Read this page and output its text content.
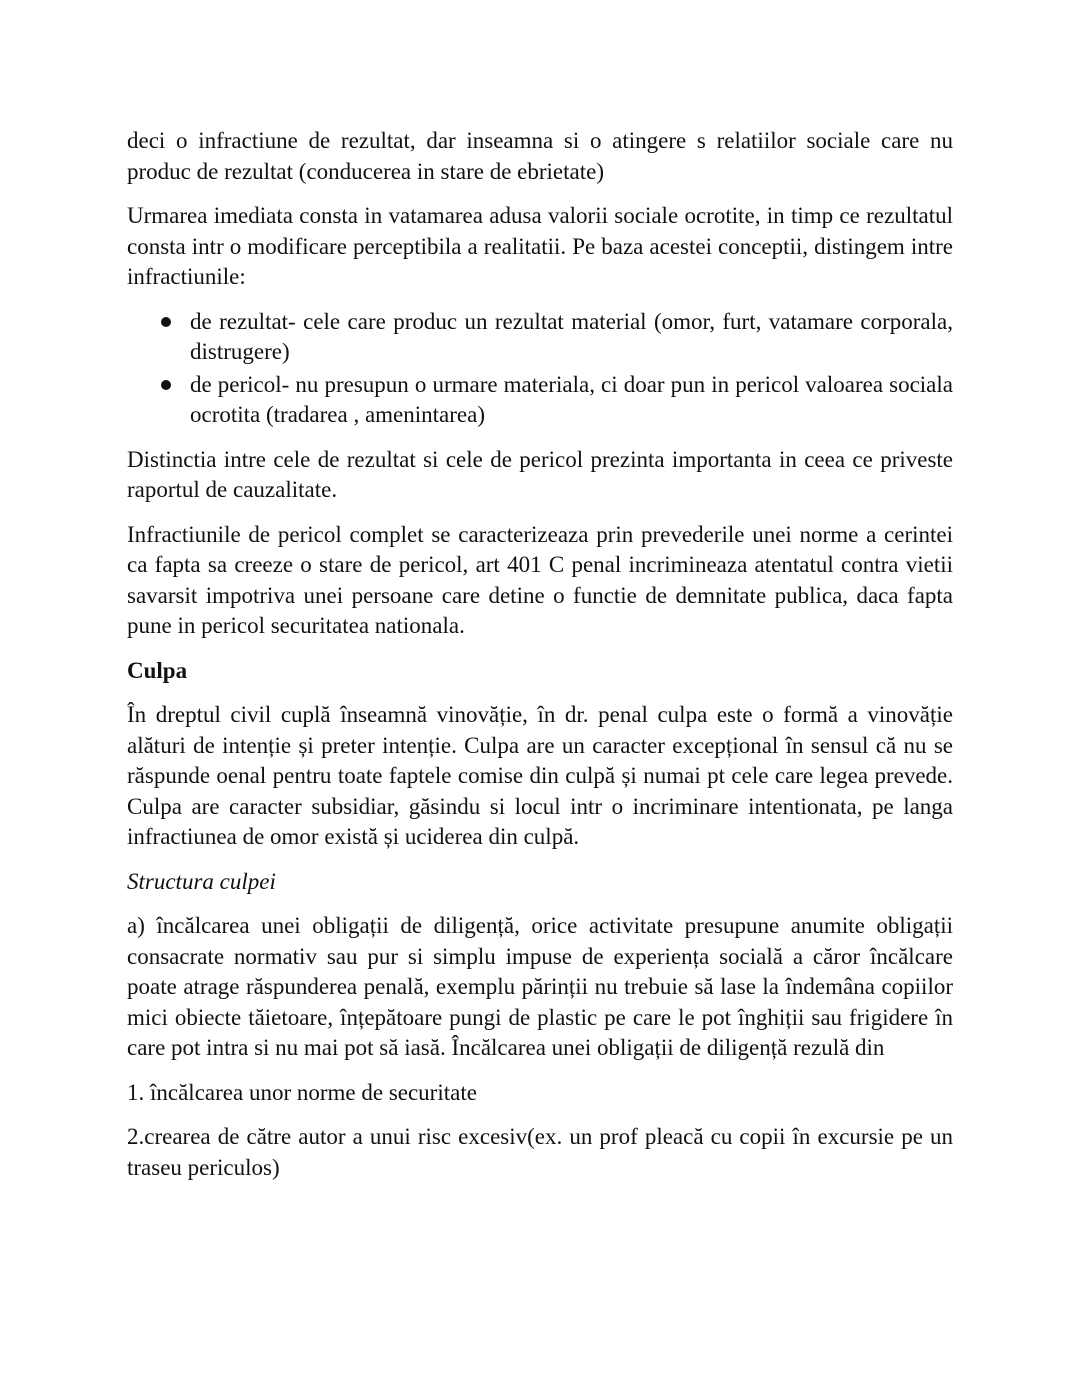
deci o infractiune de rezultat, dar inseamna si o atingere s relatiilor sociale care nu produc de rezultat (conducerea in stare de ebrietate)

Urmarea imediata consta in vatamarea adusa valorii sociale ocrotite, in timp ce rezultatul consta intr o modificare perceptibila a realitatii. Pe baza acestei conceptii, distingem intre infractiunile:

de rezultat- cele care produc un rezultat material (omor, furt, vatamare corporala, distrugere)
de pericol- nu presupun o urmare materiala, ci doar pun in pericol valoarea sociala ocrotita (tradarea , amenintarea)

Distinctia intre cele de rezultat si cele de pericol prezinta importanta in ceea ce priveste raportul de cauzalitate.

Infractiunile de pericol complet se caracterizeaza prin prevederile unei norme a cerintei ca fapta sa creeze o stare de pericol, art 401 C penal incrimineaza atentatul contra vietii savarsit impotriva unei persoane care detine o functie de demnitate publica, daca fapta pune in pericol securitatea nationala.

Culpa

În dreptul civil cuplă înseamnă vinovăție, în dr. penal culpa este o formă a vinovăție alături de intenție și preter intenție. Culpa are un caracter excepțional în sensul că nu se răspunde oenal pentru toate faptele comise din culpă și numai pt cele care legea prevede. Culpa are caracter subsidiar, găsindu si locul intr o incriminare intentionata, pe langa infractiunea de omor există și uciderea din culpă.

Structura culpei

a) încălcarea unei obligații de diligență, orice activitate presupune anumite obligații consacrate normativ sau pur si simplu impuse de experiența socială a căror încălcare poate atrage răspunderea penală, exemplu părinții nu trebuie să lase la îndemâna copiilor mici obiecte tăietoare, înțepătoare pungi de plastic pe care le pot înghiții sau frigidere în care pot intra si nu mai pot să iasă. Încălcarea unei obligații de diligență rezulă din

1. încălcarea unor norme de securitate

2.crearea de către autor a unui risc excesiv(ex. un prof pleacă cu copii în excursie pe un traseu periculos)
